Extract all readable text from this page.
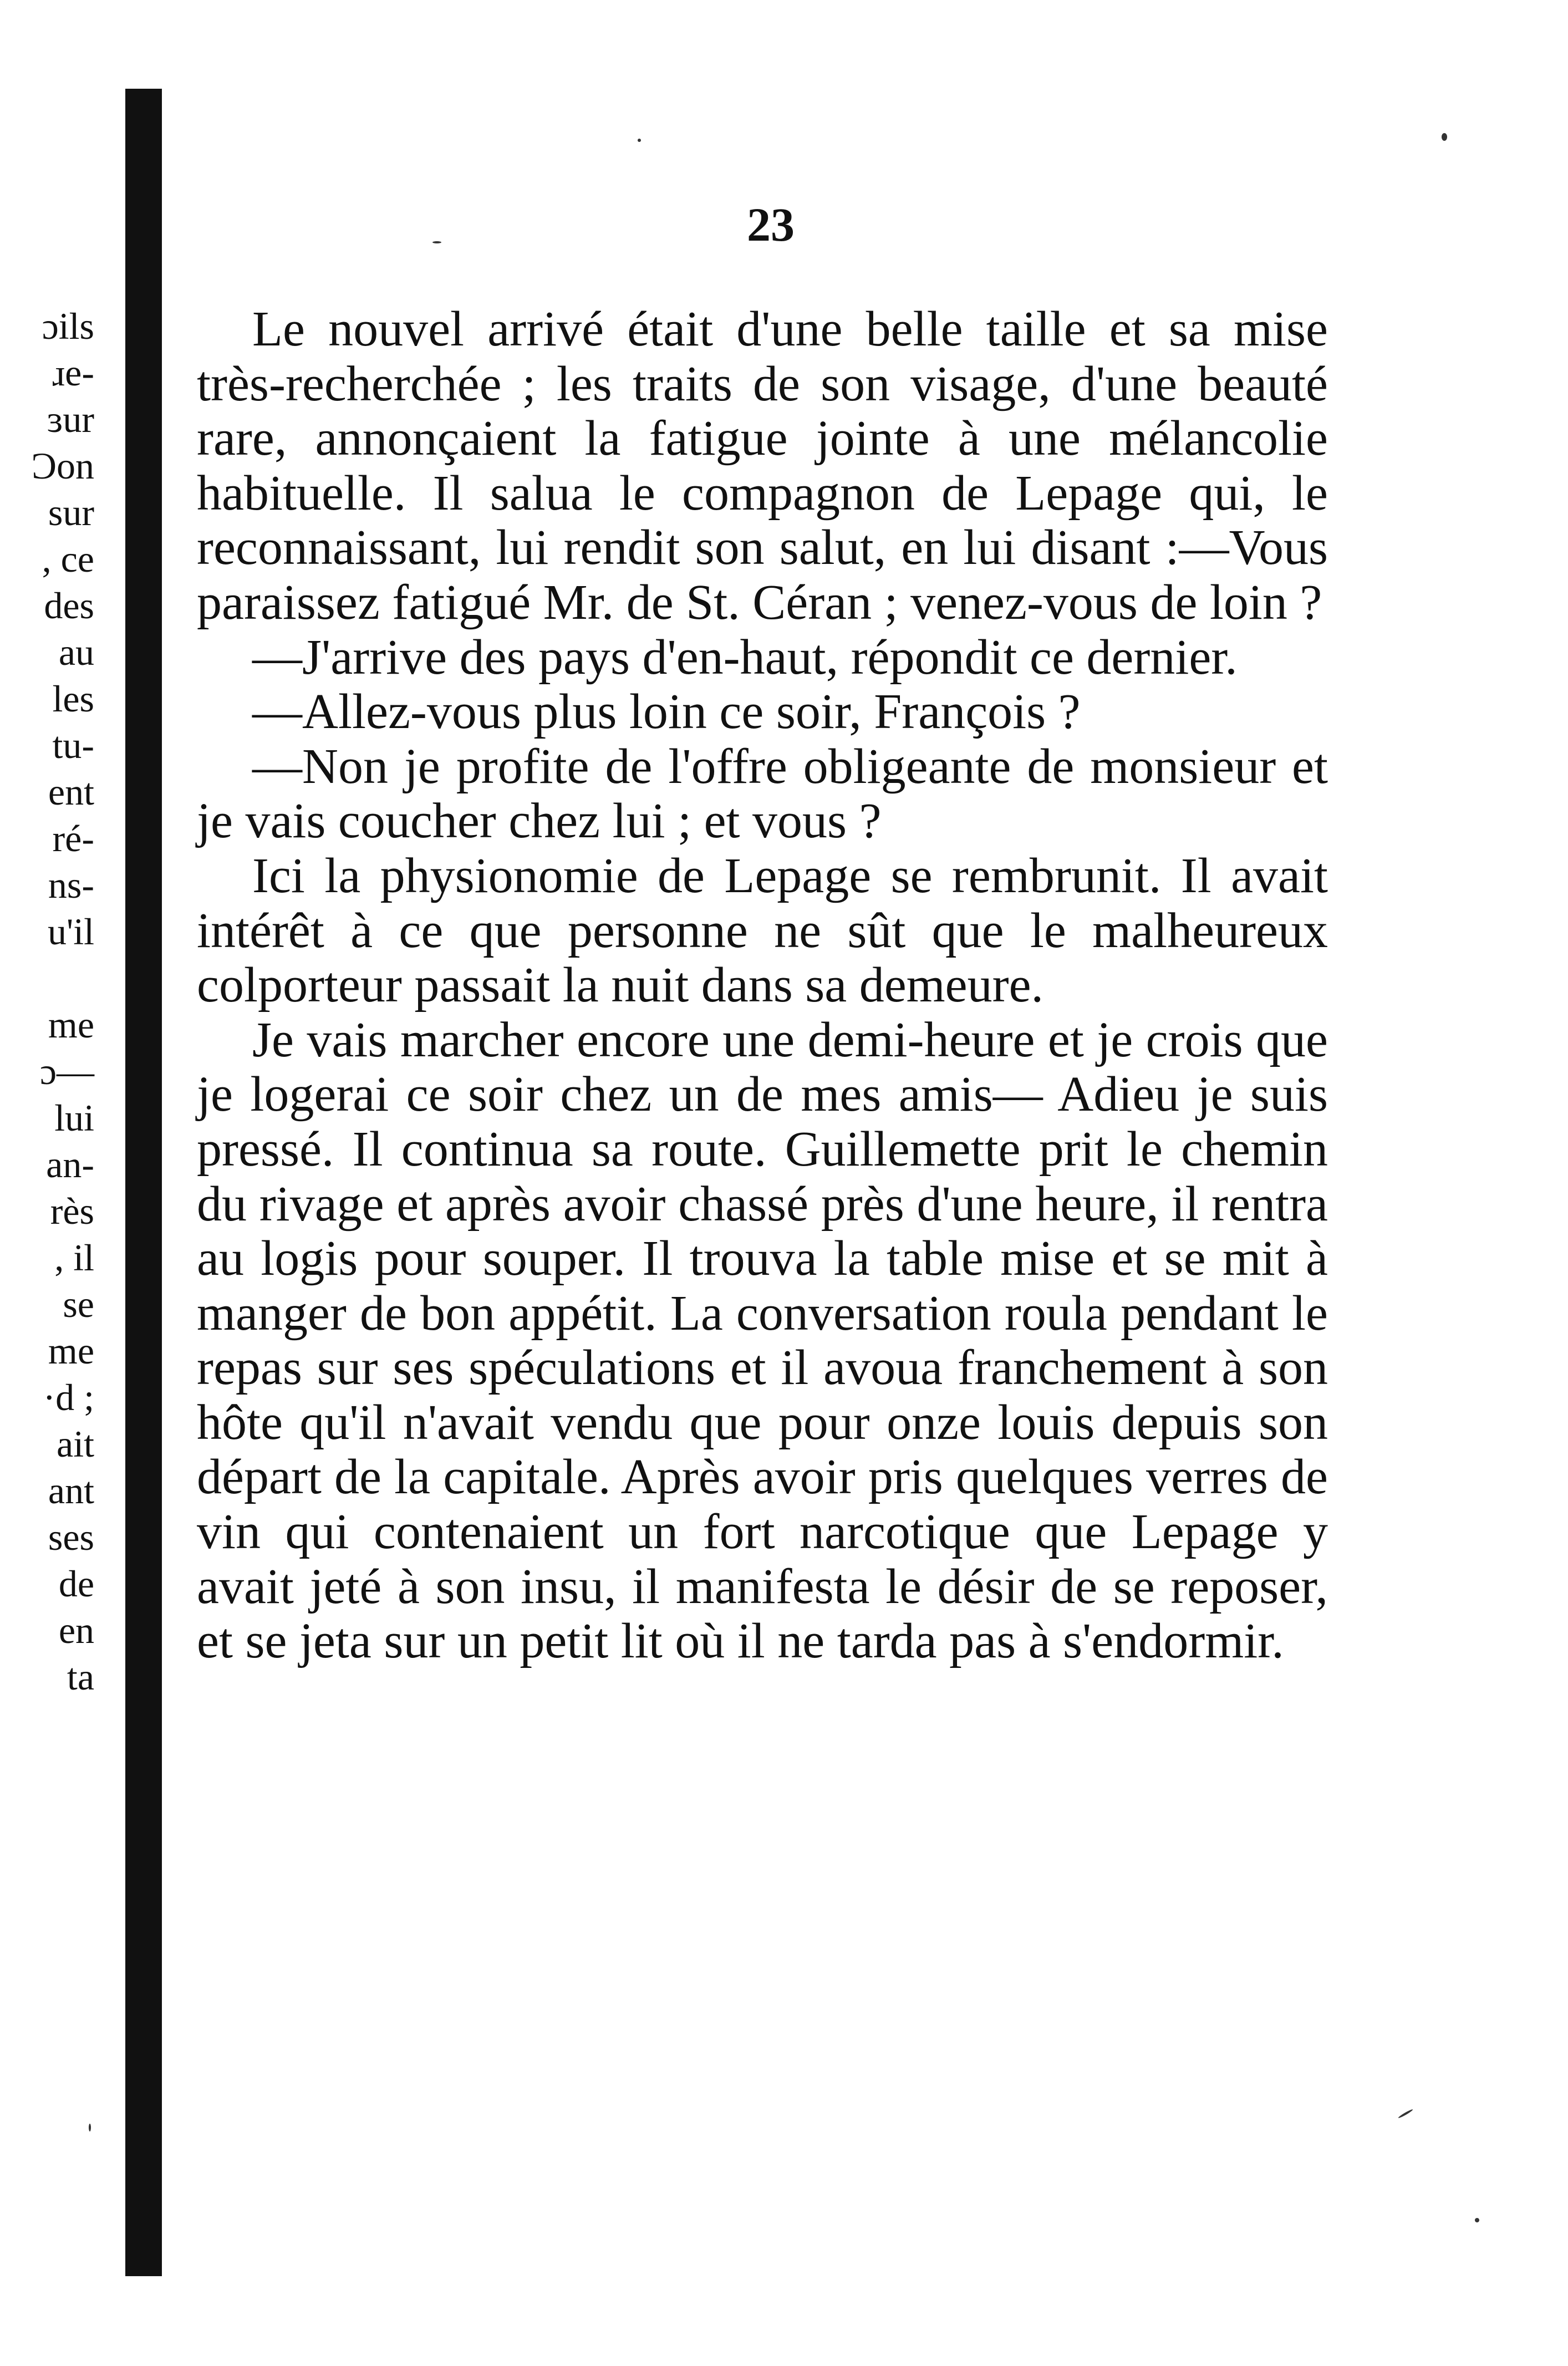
ɔils
ɹe-
ɜur
Ɔon
sur
, ce
des
au
les
tu-
ent
ré-
ns-
u'il
me
ɔ—
lui
an-
rès
, il
se
me
·d ;
ait
ant
ses
de
en
ta
23

Le nouvel arrivé était d'une belle taille et sa mise très-recherchée ; les traits de son visage, d'une beauté rare, annonçaient la fatigue jointe à une mélancolie habituelle. Il salua le compagnon de Lepage qui, le reconnaissant, lui rendit son salut, en lui disant :—Vous paraissez fatigué Mr. de St. Céran ; venez-vous de loin ?

—J'arrive des pays d'en-haut, répondit ce dernier.

—Allez-vous plus loin ce soir, François ?

—Non je profite de l'offre obligeante de monsieur et je vais coucher chez lui ; et vous ?

Ici la physionomie de Lepage se rembrunit. Il avait intérêt à ce que personne ne sût que le malheureux colporteur passait la nuit dans sa demeure.

Je vais marcher encore une demi-heure et je crois que je logerai ce soir chez un de mes amis— Adieu je suis pressé. Il continua sa route. Guillemette prit le chemin du rivage et après avoir chassé près d'une heure, il rentra au logis pour souper. Il trouva la table mise et se mit à manger de bon appétit. La conversation roula pendant le repas sur ses spéculations et il avoua franchement à son hôte qu'il n'avait vendu que pour onze louis depuis son départ de la capitale. Après avoir pris quelques verres de vin qui contenaient un fort narcotique que Lepage y avait jeté à son insu, il manifesta le désir de se reposer, et se jeta sur un petit lit où il ne tarda pas à s'endormir.
